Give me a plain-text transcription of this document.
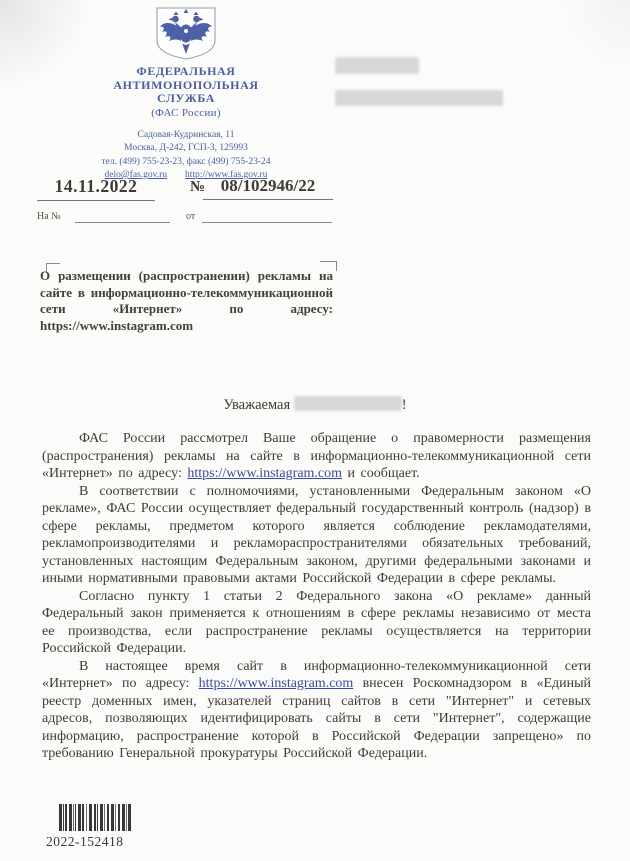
ФЕДЕРАЛЬНАЯ
АНТИМОНОПОЛЬНАЯ
СЛУЖБА
(ФАС России)
Садовая-Кудринская, 11
Москва, Д-242, ГСП-3, 125993
тел. (499) 755-23-23, факс (499) 755-23-24
delo@fas.gov.ru http://www.fas.gov.ru
14.11.2022	№ 08/102946/22
На №	от
О размещении (распространении) рекламы на сайте в информационно-телекоммуникационной сети «Интернет» по адресу: https://www.instagram.com
Уважаемая	!

ФАС России рассмотрел Ваше обращение о правомерности размещения (распространения) рекламы на сайте в информационно-телекоммуникационной сети «Интернет» по адресу: https://www.instagram.com и сообщает.

В соответствии с полномочиями, установленными Федеральным законом «О рекламе», ФАС России осуществляет федеральный государственный контроль (надзор) в сфере рекламы, предметом которого является соблюдение рекламодателями, рекламопроизводителями и рекламораспространителями обязательных требований, установленных настоящим Федеральным законом, другими федеральными законами и иными нормативными правовыми актами Российской Федерации в сфере рекламы.

Согласно пункту 1 статьи 2 Федерального закона «О рекламе» данный Федеральный закон применяется к отношениям в сфере рекламы независимо от места ее производства, если распространение рекламы осуществляется на территории Российской Федерации.

В настоящее время сайт в информационно-телекоммуникационной сети «Интернет» по адресу: https://www.instagram.com внесен Роскомнадзором в «Единый реестр доменных имен, указателей страниц сайтов в сети "Интернет" и сетевых адресов, позволяющих идентифицировать сайты в сети "Интернет", содержащие информацию, распространение которой в Российской Федерации запрещено» по требованию Генеральной прокуратуры Российской Федерации.

2022-152418
